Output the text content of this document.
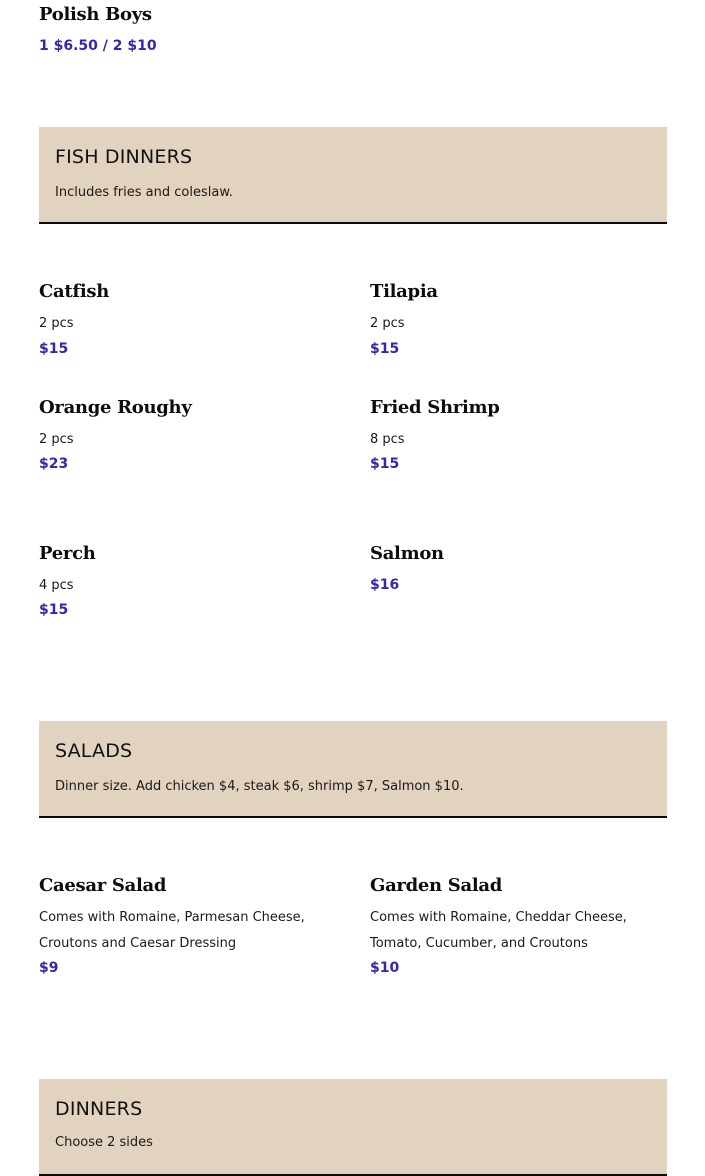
Polish Boys

1 $6.50 / 2 $10

FISH DINNERS

Includes fries and coleslaw.

Catfish

2 pcs

$15

Tilapia

2 pcs

$15

Orange Roughy

2 pcs

$23

Fried Shrimp

8 pcs

$15

Perch

4 pcs

$15

Salmon

$16

SALADS

Dinner size. Add chicken $4, steak $6, shrimp $7, Salmon $10.

Caesar Salad

Comes with Romaine, Parmesan Cheese,

Croutons and Caesar Dressing

$9

Garden Salad

Comes with Romaine, Cheddar Cheese,

Tomato, Cucumber, and Croutons

$10

DINNERS

Choose 2 sides
